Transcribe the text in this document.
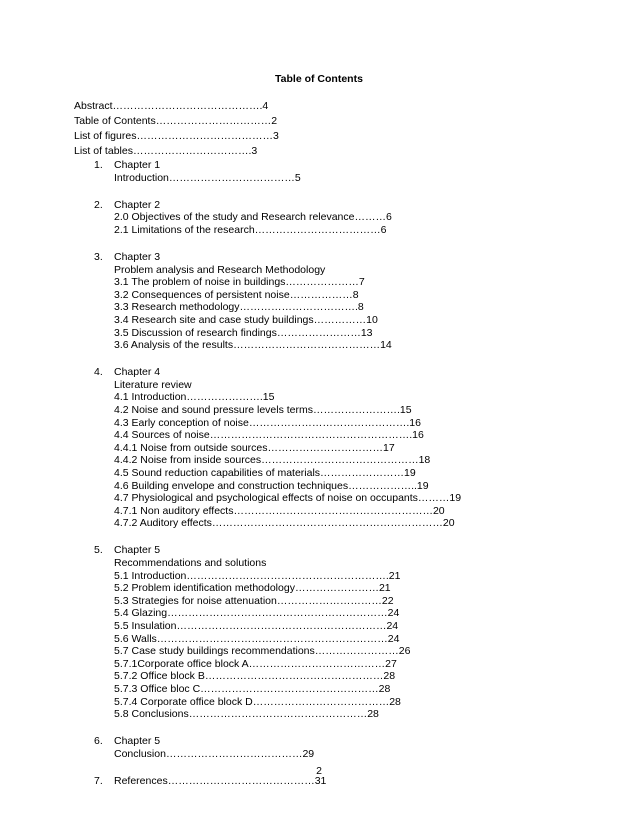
Table of Contents
Abstract…………………………………….4
Table of Contents……………………………2
List of figures…………………………………3
List of tables…………………………….3
1. Chapter 1
Introduction………………………………5
2. Chapter 2
2.0 Objectives of the study and Research relevance………6
2.1 Limitations of the research………………………………6
3. Chapter 3
Problem analysis and Research Methodology
3.1 The problem of noise in buildings…………………7
3.2 Consequences of persistent noise………………8
3.3 Research methodology…………………………….8
3.4 Research site and case study buildings……………10
3.5 Discussion of research findings……………………13
3.6 Analysis of the results……………………………………14
4. Chapter 4
Literature review
4.1 Introduction………………….15
4.2 Noise and sound pressure levels terms…………………….15
4.3 Early conception of noise……………………………………….16
4.4 Sources of noise………………………………………………….16
4.4.1 Noise from outside sources……………………………17
4.4.2 Noise from inside sources………………………………………18
4.5 Sound reduction capabilities of materials……………………19
4.6 Building envelope and construction techniques………………..19
4.7 Physiological and psychological effects of noise on occupants………19
4.7.1 Non auditory effects…………………………………………………20
4.7.2 Auditory effects…………………………………………………………20
5. Chapter 5
Recommendations and solutions
5.1 Introduction………………………………………………….21
5.2 Problem identification methodology……………………21
5.3 Strategies for noise attenuation…………………………22
5.4 Glazing………………………………………………………24
5.5 Insulation……………………………………………………24
5.6 Walls…………………………………………………………24
5.7 Case study buildings recommendations……………………26
5.7.1Corporate office block A…………………………………27
5.7.2 Office block B……………………………………………28
5.7.3 Office bloc C……………………………………………28
5.7.4 Corporate office block D…………………………………28
5.8 Conclusions……………………………………………28
6. Chapter 5
Conclusion…………………………………29
7. References……………………………………31
2
